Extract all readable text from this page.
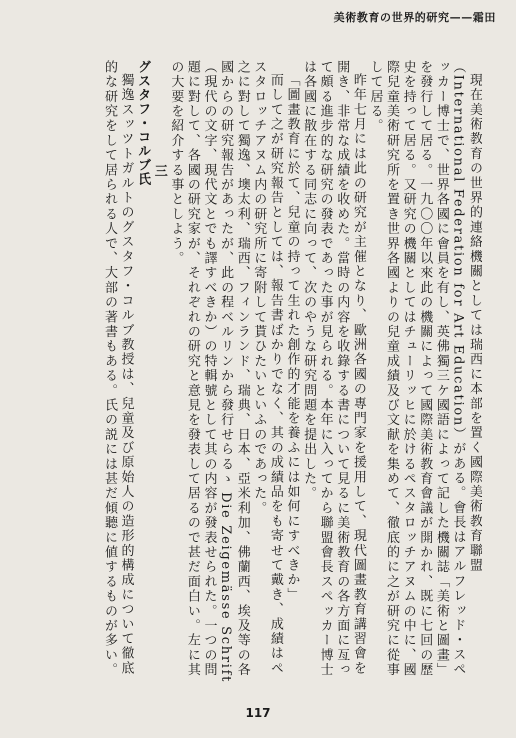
美術教育の世界的研究——霜田

現在美術教育の世界的連絡機關としては瑞西に本部を置く國際美術教育聯盟（International Federation for Art Education）がある。會長はアルフレッド・スペッカー博士で、世界各國に會員を有し、英佛獨三ケ國語によって記した機關誌「美術と圖畫」を發行して居る。一九〇〇年以來此の機關によって國際美術教育會議が開かれ、既に七回の歷史を持って居る。又研究の機關としてはチューリッヒに於けるペスタロッチアヌムの中に、國際兒童美術研究所を置き世界各國よりの兒童成績及び文献を集めて、徹底的に之が研究に從事して居る。

昨年七月には此の研究が主催となり、歐洲各國の專門家を援用して、現代圖畫教育講習會を開き、非常な成績を收めた。當時の内容を收錄する書について見るに美術教育の各方面に亙って頗る進步的な研究の發表であった事が見られる。本年に入ってから聯盟會長スペッカー博士は各國に散在する同志に向って、次のやうな研究問題を提出した。

「圖畫教育に於て、兒童の持って生れた創作的才能を養ふには如何にすべきか」

而して之が研究報告としては、報告書ばかりでなく、其の成績品をも寄せて戴き、成績はペスタロッチアヌム内の研究所に寄附して貰ひたいといふのであった。

之に對して獨逸、墺太利、瑞西、フィンランド、瑞典、日本、亞米利加、佛蘭西、埃及等の各國からの研究報告があったが、此の程ベルリンから發行せらるゝ Die Zeigemässe Schrift（現代の文字、現代文とでも譯すべきか）の特輯號として其の内容が發表せられた。一つの問題に對して、各國の研究家が、それぞれの研究と意見を發表して居るので甚だ面白い。左に其の大要を紹介する事としよう。

三

グスタフ・コルブ氏

獨逸スッツトガルトのグスタフ・コルブ教授は、兒童及び原始人の造形的構成について徹底的な研究をして居られる人で、大部の著書もある。氏の説には甚だ傾聽に値するものが多い。

117
